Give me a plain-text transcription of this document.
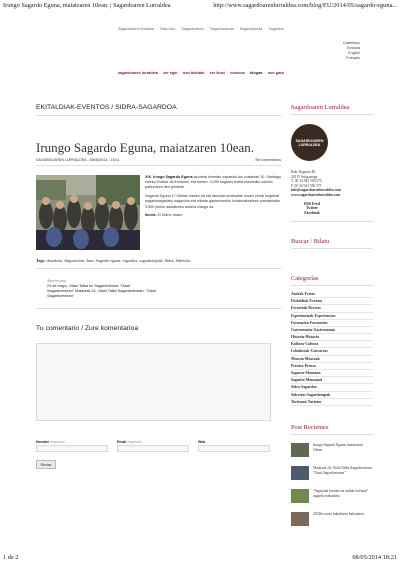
Irungo Sagardo Eguna, maiatzaren 10ean. | Sagardoaren Lurraldea	http://www.sagardoarenlurraldea.com/blog/EU/2014/05/sagardo-eguna...
Sagardoaren lurraldea · Testu info · Sagardoetxeo · Sagardodenda · Sagardopedia · Sagardon
Castellano
Euskara
English
Français
sagardoaren lurraldea · zer egin · non bisitatu · zer ikusi · museoa · blogoa · non gara
EKITALDIAK-EVENTOS / SIDRA-SAGARDOA
Irungo Sagardo Eguna, maiatzaren 10ean.
SAGARDOAREN LURRALDEA - 08/05/2014 - 18:11	Sin comentarios

XIX. Irungo Sagardo Eguna larunbat honetan ospatuko da, maiatzak 10. Santiago kaleko Euskal Jai frontoian, eta bertan, 4.000 sagardo botila eskaintiko zaizkio parturiaren den jendeari.

Sagardo Eguna 17:30etan hasiko da eta larunbat arratsalde osoan zehar hogeikat sagardotegietako sagardoa eta elkarte gastronomiko kolaboratzaileek prestatutako 3.500 pintxo dastatzeko aukera izango da.

Iturria: El Diario Vasco

Tags: dastaketa, degustación, Irun, Sagardo eguna, sagardoa, sagardotegiak, Sidra, Sidrerías
Anterior post
24 de mayo, Otalu Talka en Sagardoetxea: "Oasit Sagardoetxean" Maiatzak 24, Otalu Talka Sagardoetxean: "Oasit Sagardoetxean"
Tu comentario / Zure komentarioa
Nombre requerido	Email requerido	Web
Enviar
Sagardoaren Lurraldea
SAGARDOAREN
LURRALDEA
Kale Nagusia 48
20115 Astigarraga
T. 00 34 943 550 575
F. 00 34 943 550 575
info@sagardoarenlurraldea.com
www.sagardoarenlurraldea.com
RSS Feed
Twitter
Facebook
Buscar / Bilatu
Categorías
Azokak-Ferias
Ekitaldiak-Eventos
Errezetak-Recetas
Esperientziak-Experiencias
Formazioa-Formación
Gastronomia-Gastronomía
Historia-Historia
Kultura-Cultura
Lehiaketak-Concursos
Museoa-Museoak
Prentsa-Prensa
Sagarra-Manzana
Sagastia-Manzanal
Sidra-Sagardoa
Sidrerías-Sagardotegiak
Turismoa-Turismo
Post Recientes
Irungo Sagardo Eguna, maiatzaren 10ean.
Maiatzak 24, Otalu Talka Sagardoetxean: "Oasit Sagardoetxean".
"Sagastiak loretan eta urdiak loretzan" argazki erakusketa.
2014ko txotx bukaberen balorazioa.
1 de 2	08/05/2014 18:21
